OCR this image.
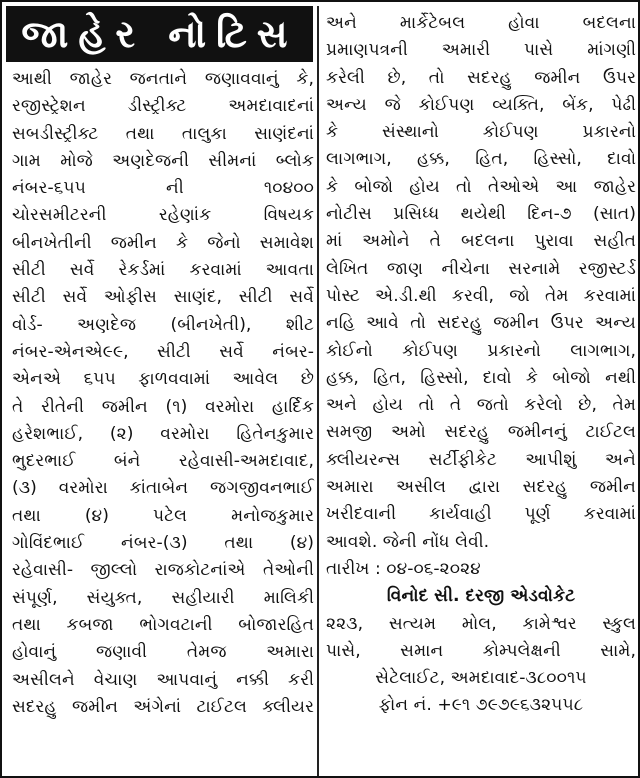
જાહેર નોટિસ
આથી જાહેર જનતાને જણાવવાનું કે,
રજીસ્ટ્રેશન ડીસ્ટ્રીક્ટ અમદાવાદનાં
સબડીસ્ટ્રીક્ટ તથા તાલુકા સાણંદનાં
ગામ મોજે અણદેજની સીમનાં બ્લોક
નંબર-૬૫૫ ની ૧૦૪૦૦
ચોરસમીટરની રહેણાંક વિષયક
બીનખેતીની જમીન કે જેનો સમાવેશ
સીટી સર્વે રેકર્ડમાં કરવામાં આવતા
સીટી સર્વે ઓફીસ સાણંદ, સીટી સર્વે
વોર્ડ- અણદેજ (બીનખેતી), શીટ
નંબર-એનએ૯૯, સીટી સર્વે નંબર-
એનએ ૬૫૫ ફાળવવામાં આવેલ છે
તે રીતેની જમીન (૧) વરમોરા હાર્દિક
હરેશભાઈ, (૨) વરમોરા હિતેનકુમાર
ભુદરભાઈ બંને રહેવાસી-અમદાવાદ,
(૩) વરમોરા કાંતાબેન જગજીવનભાઈ
તથા (૪) પટેલ મનોજકુમાર
ગોવિંદભાઈ નંબર-(૩) તથા (૪)
રહેવાસી- જીલ્લો રાજકોટનાંએ તેઓની
સંપૂર્ણ, સંયુક્ત, સહીયારી માલિકી
તથા કબજા ભોગવટાની બોજારહિત
હોવાનું જણાવી તેમજ અમારા
અસીલને વેચાણ આપવાનું નક્કી કરી
સદરહુ જમીન અંગેનાં ટાઈટલ ક્લીયર
અને માર્કેટેબલ હોવા બદલના
પ્રમાણપત્રની અમારી પાસે માંગણી
કરેલી છે, તો સદરહુ જમીન ઉપર
અન્ય જે કોઈપણ વ્યક્તિ, બેંક, પેઢી
કે સંસ્થાનો કોઈપણ પ્રકારનો
લાગભાગ, હક્ક, હિત, હિસ્સો, દાવો
કે બોજો હોય તો તેઓએ આ જાહેર
નોટીસ પ્રસિધ્ધ થયેથી દિન-૭ (સાત)
માં અમોને તે બદલના પુરાવા સહીત
લેખિત જાણ નીચેના સરનામે રજીસ્ટર્ડ
પોસ્ટ એ.ડી.થી કરવી, જો તેમ કરવામાં
નહિ આવે તો સદરહુ જમીન ઉપર અન્ય
કોઈનો કોઈપણ પ્રકારનો લાગભાગ,
હક્ક, હિત, હિસ્સો, દાવો કે બોજો નથી
અને હોય તો તે જતો કરેલો છે, તેમ
સમજી અમો સદરહુ જમીનનું ટાઈટલ
ક્લીયરન્સ સર્ટીફીકેટ આપીશું અને
અમારા અસીલ દ્વારા સદરહુ જમીન
ખરીદવાની કાર્યવાહી પૂર્ણ કરવામાં
આવશે. જેની નોંધ લેવી.
તારીખ : ૦૪-૦૬-૨૦૨૪
વિનોદ સી. દરજી એડવોકેટ
૨૨૩, સત્યમ મોલ, કામેશ્વર સ્કુલ
પાસે, સમાન કોમ્પલેક્ષની સામે,
સેટેલાઈટ, અમદાવાદ-૩૮૦૦૧૫
ફોન નં. +૯૧ ૭૯૭૯૬૩૨૫૫૮
